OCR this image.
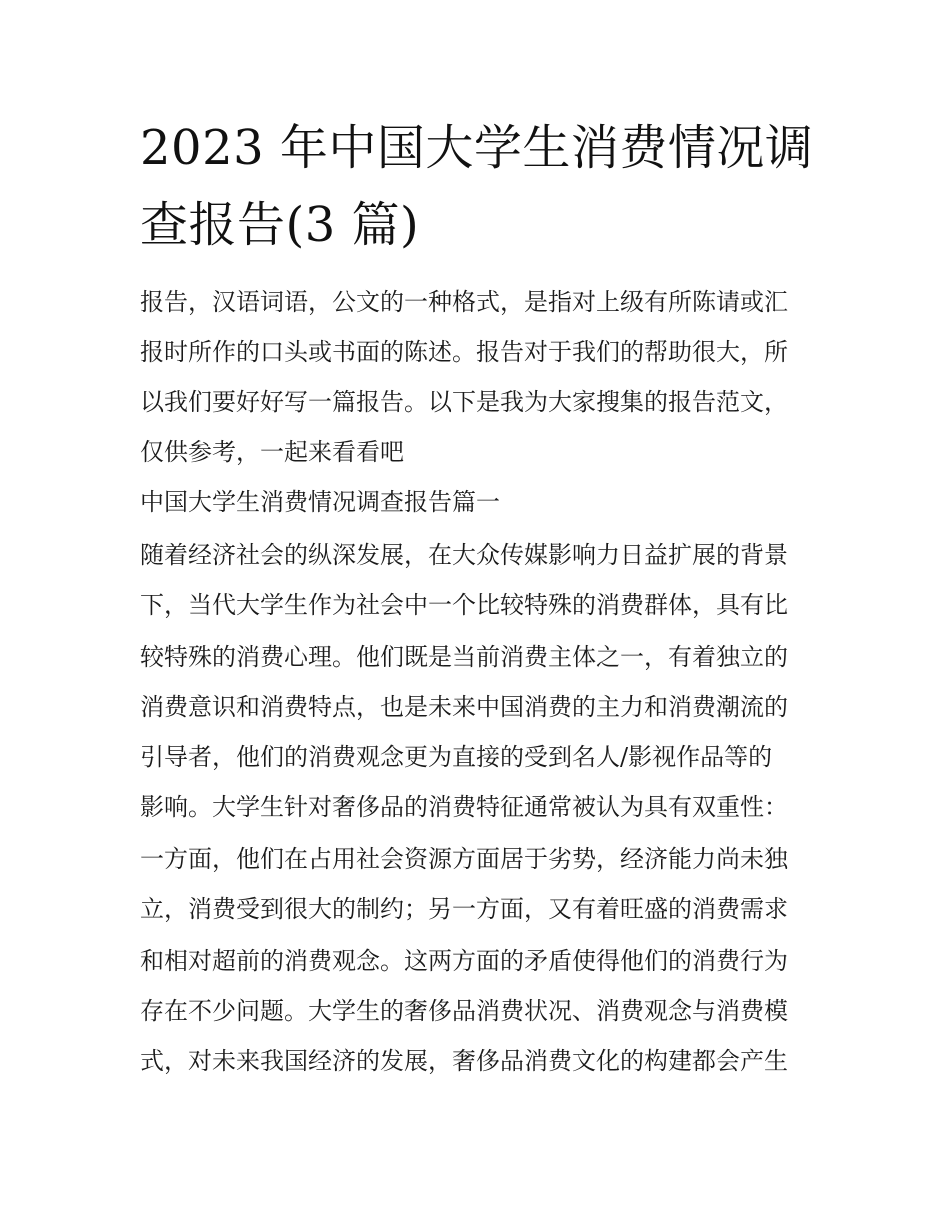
2023 年中国大学生消费情况调
查报告(3 篇)
报告，汉语词语，公文的一种格式，是指对上级有所陈请或汇
报时所作的口头或书面的陈述。报告对于我们的帮助很大，所
以我们要好好写一篇报告。以下是我为大家搜集的报告范文，
仅供参考，一起来看看吧
中国大学生消费情况调查报告篇一
随着经济社会的纵深发展，在大众传媒影响力日益扩展的背景
下，当代大学生作为社会中一个比较特殊的消费群体，具有比
较特殊的消费心理。他们既是当前消费主体之一，有着独立的
消费意识和消费特点，也是未来中国消费的主力和消费潮流的
引导者，他们的消费观念更为直接的受到名人/影视作品等的
影响。大学生针对奢侈品的消费特征通常被认为具有双重性：
一方面，他们在占用社会资源方面居于劣势，经济能力尚未独
立，消费受到很大的制约；另一方面，又有着旺盛的消费需求
和相对超前的消费观念。这两方面的矛盾使得他们的消费行为
存在不少问题。大学生的奢侈品消费状况、消费观念与消费模
式，对未来我国经济的发展，奢侈品消费文化的构建都会产生
